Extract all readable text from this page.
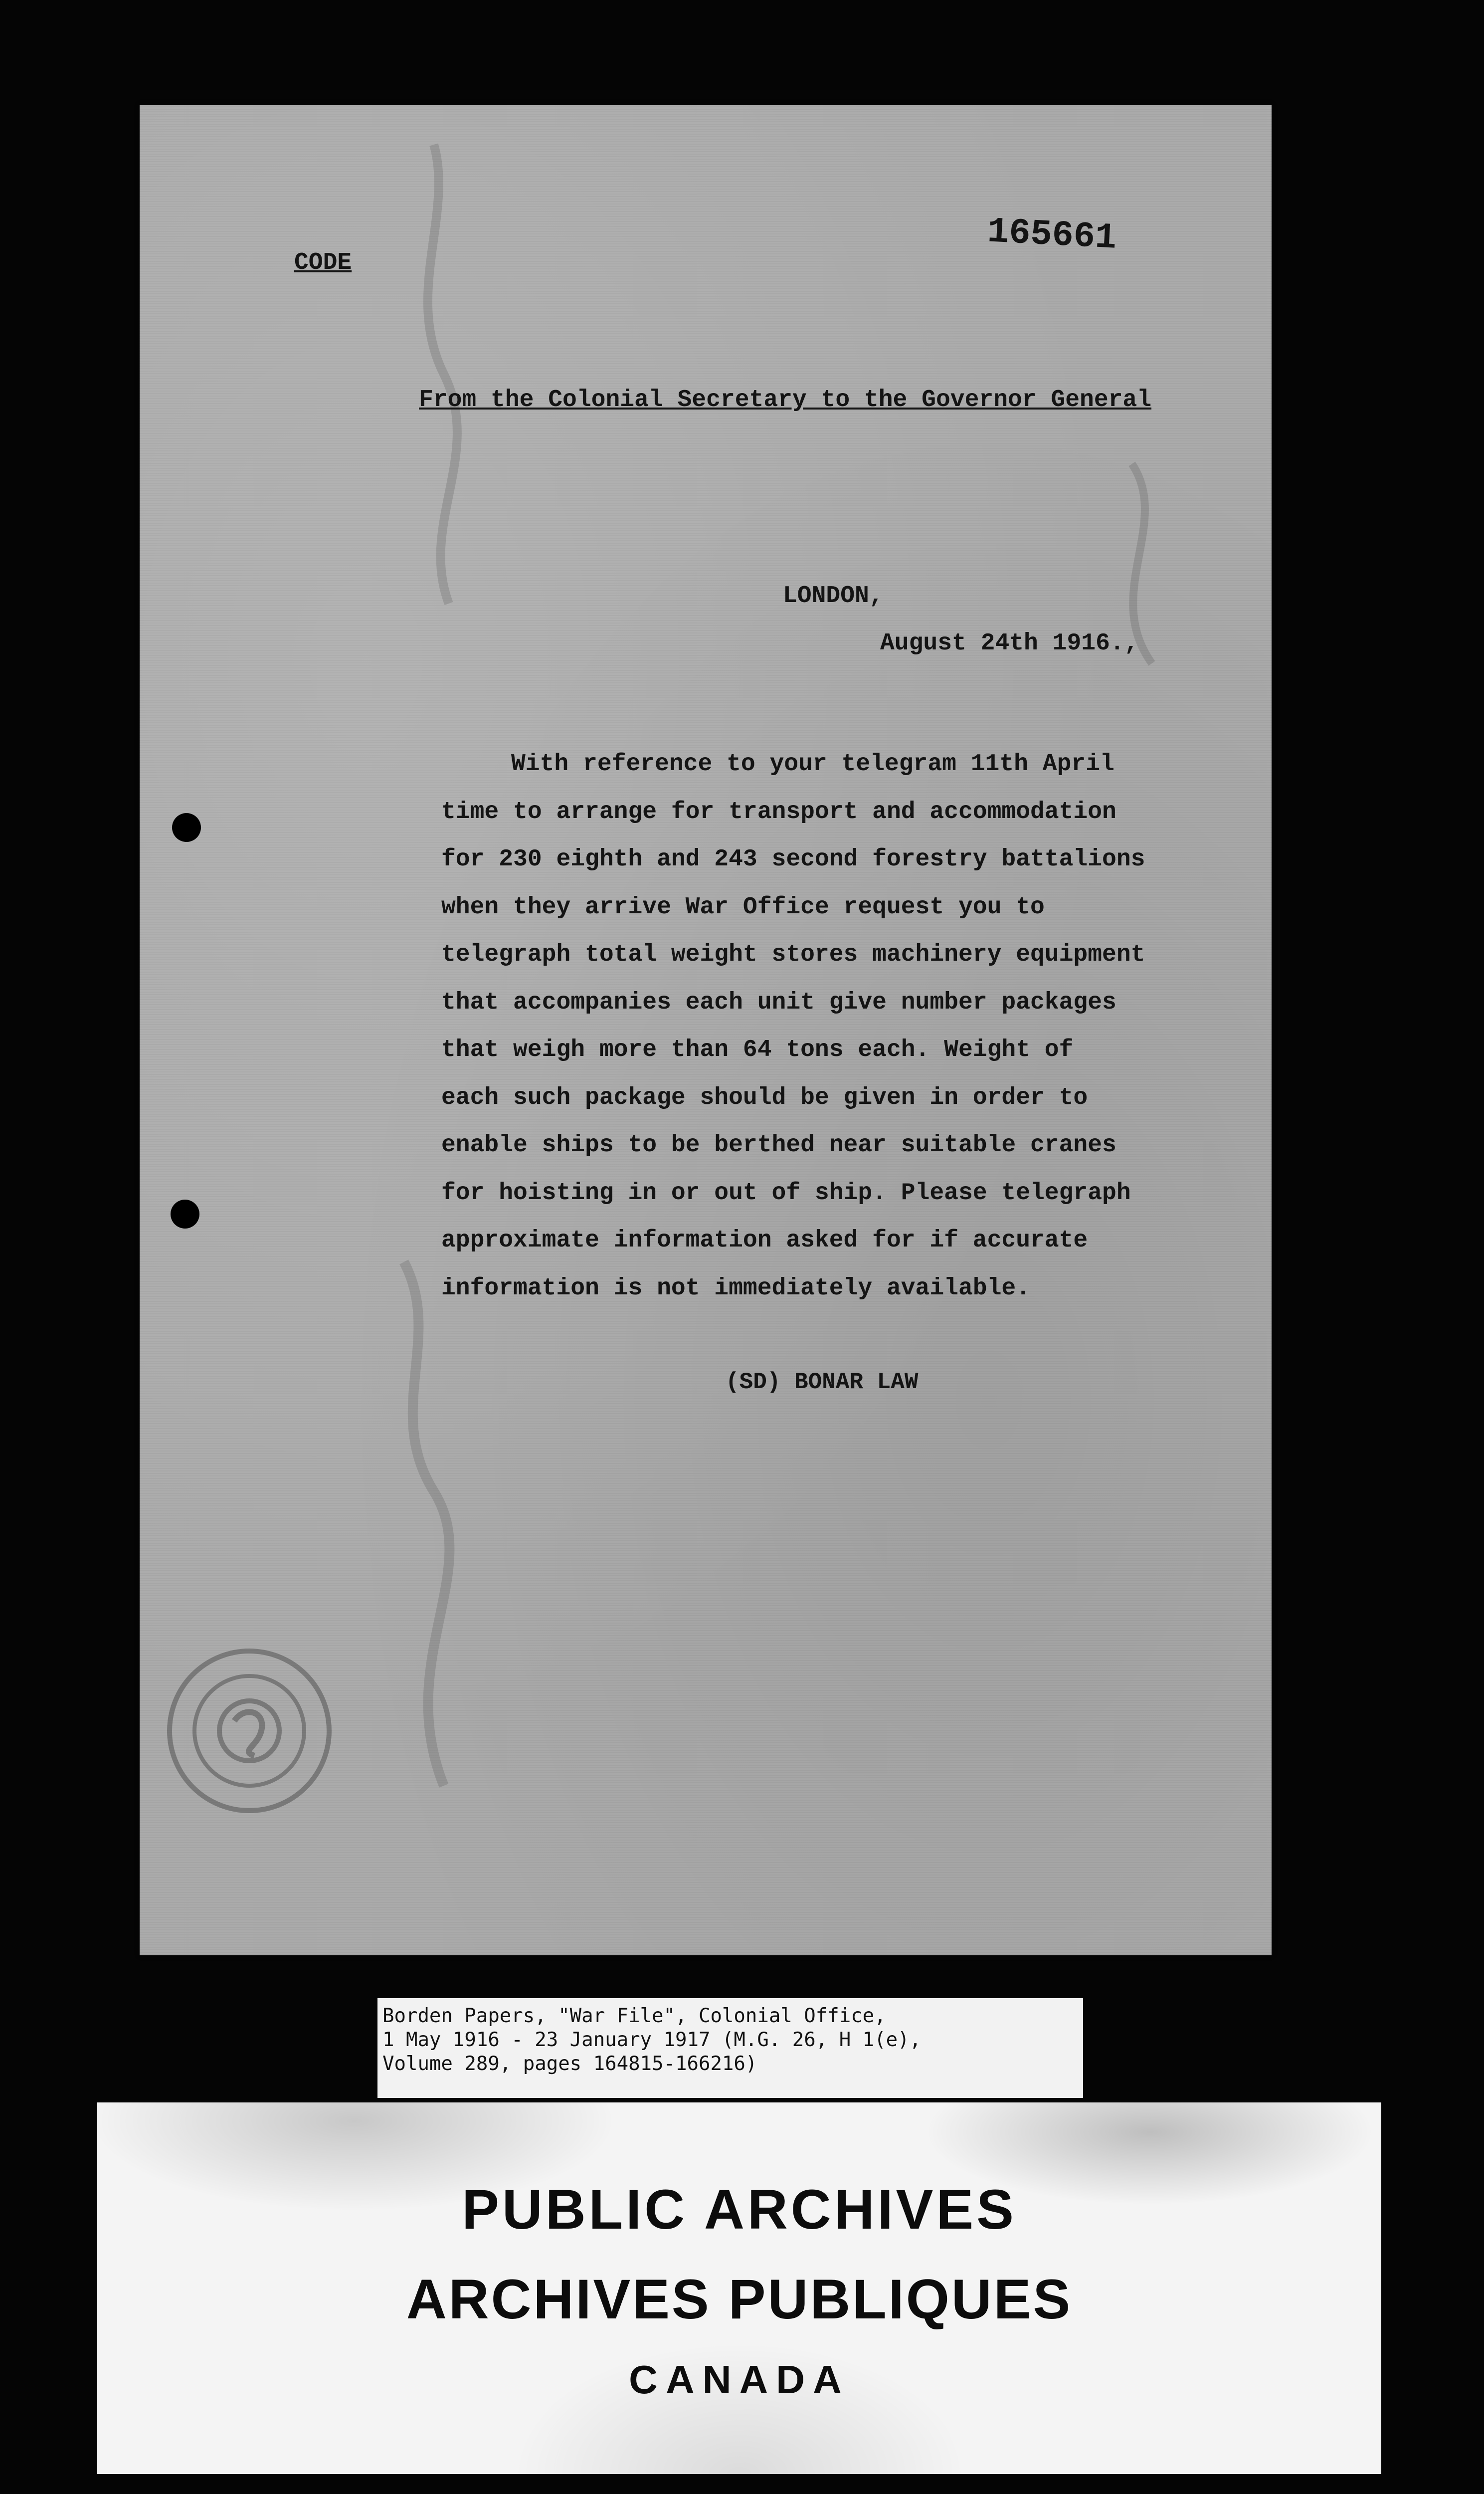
CODE
165661
From the Colonial Secretary to the Governor General
LONDON,
August 24th 1916.,
With reference to your telegram 11th April
time to arrange for transport and accommodation
for 230 eighth and 243 second forestry battalions
when they arrive War Office request you to
telegraph total weight stores machinery equipment
that accompanies each unit give number packages
that weigh more than 64 tons each. Weight of
each such package should be given in order to
enable ships to be berthed near suitable cranes
for hoisting in or out of ship. Please telegraph
approximate information asked for if accurate
information is not immediately available.
(SD) BONAR LAW
Borden Papers, "War File", Colonial Office,
1 May 1916 - 23 January 1917 (M.G. 26, H 1(e),
Volume 289, pages 164815-166216)
PUBLIC ARCHIVES
ARCHIVES PUBLIQUES
CANADA
